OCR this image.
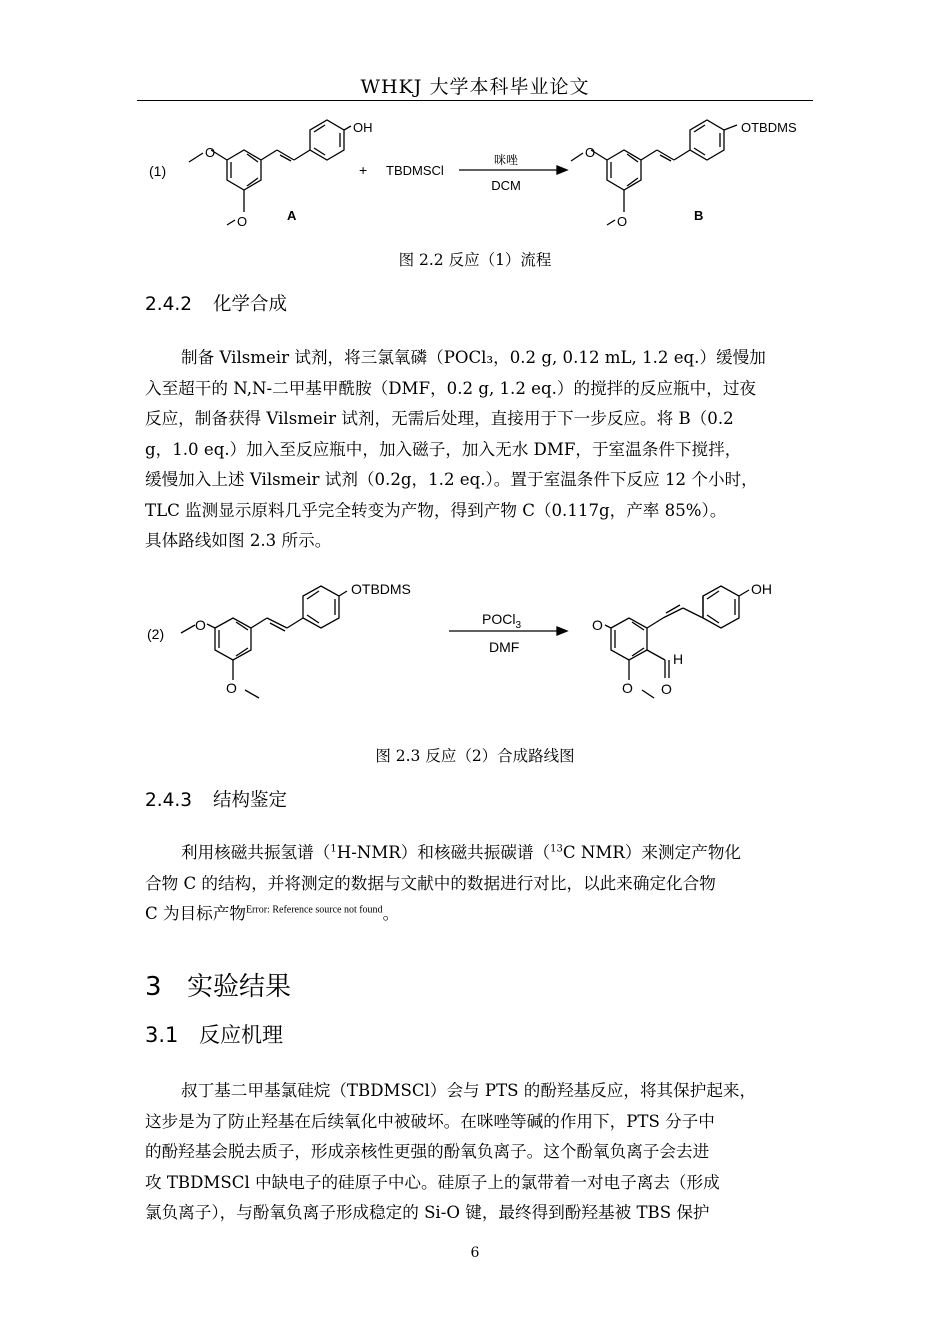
WHKJ 大学本科毕业论文
(1)
O
O
OH
A
+ TBDMSCl
咪唑
DCM
O
O
OTBDMS
B
图 2.2 反应（1）流程
2.4.2 化学合成
制备 Vilsmeir 试剂，将三氯氧磷（POCl₃，0.2 g, 0.12 mL, 1.2 eq.）缓慢加
入至超干的 N,N-二甲基甲酰胺（DMF，0.2 g, 1.2 eq.）的搅拌的反应瓶中，过夜
反应，制备获得 Vilsmeir 试剂，无需后处理，直接用于下一步反应。将 B（0.2
g，1.0 eq.）加入至反应瓶中，加入磁子，加入无水 DMF，于室温条件下搅拌，
缓慢加入上述 Vilsmeir 试剂（0.2g，1.2 eq.）。置于室温条件下反应 12 个小时，
TLC 监测显示原料几乎完全转变为产物，得到产物 C（0.117g，产率 85%）。
具体路线如图 2.3 所示。
(2)
O
O
OTBDMS
POCl$_3$
DMF
O
O
H
O
OH
图 2.3 反应（2）合成路线图
2.4.3 结构鉴定
利用核磁共振氢谱（$^1$H-NMR）和核磁共振碳谱（$^{13}$C NMR）来测定产物化
合物 C 的结构，并将测定的数据与文献中的数据进行对比，以此来确定化合物
C 为目标产物$^{Error: Reference source not found}$。
3 实验结果
3.1 反应机理
叔丁基二甲基氯硅烷（TBDMSCl）会与 PTS 的酚羟基反应，将其保护起来，
这步是为了防止羟基在后续氧化中被破坏。在咪唑等碱的作用下，PTS 分子中
的酚羟基会脱去质子，形成亲核性更强的酚氧负离子。这个酚氧负离子会去进
攻 TBDMSCl 中缺电子的硅原子中心。硅原子上的氯带着一对电子离去（形成
氯负离子），与酚氧负离子形成稳定的 Si-O 键，最终得到酚羟基被 TBS 保护
6
